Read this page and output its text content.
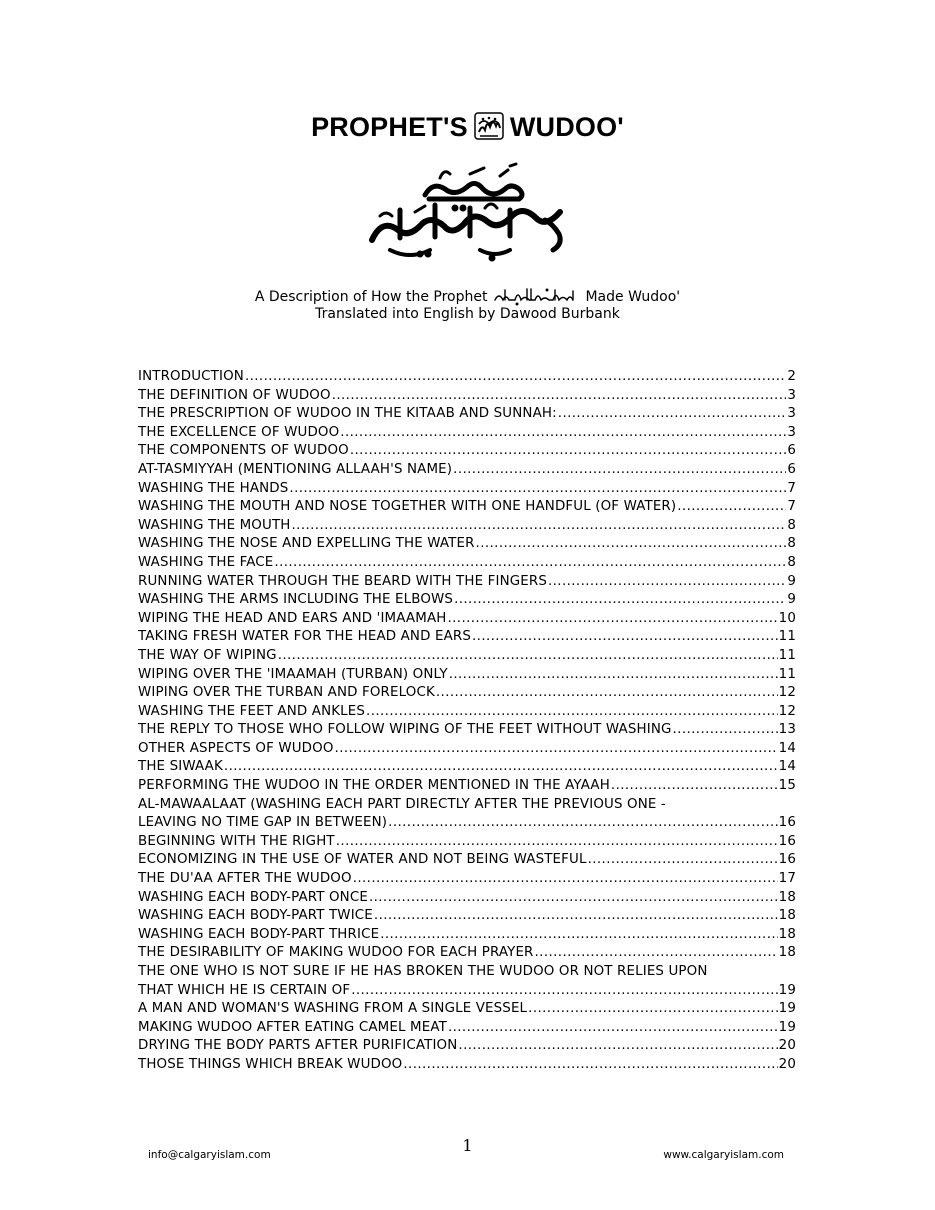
PROPHET'S WUDOO'
A Description of How the Prophet	Made Wudoo'
Translated into English by Dawood Burbank
INTRODUCTION .....	2
THE DEFINITION OF WUDOO .....	3
THE PRESCRIPTION OF WUDOO IN THE KITAAB AND SUNNAH: .....	3
THE EXCELLENCE OF WUDOO .....	3
THE COMPONENTS OF WUDOO .....	6
AT-TASMIYYAH (MENTIONING ALLAAH'S NAME) .....	6
WASHING THE HANDS .....	7
WASHING THE MOUTH AND NOSE TOGETHER WITH ONE HANDFUL (OF WATER) .....	7
WASHING THE MOUTH .....	8
WASHING THE NOSE AND EXPELLING THE WATER .....	8
WASHING THE FACE .....	8
RUNNING WATER THROUGH THE BEARD WITH THE FINGERS .....	9
WASHING THE ARMS INCLUDING THE ELBOWS .....	9
WIPING THE HEAD AND EARS AND 'IMAAMAH .....	10
TAKING FRESH WATER FOR THE HEAD AND EARS .....	11
THE WAY OF WIPING .....	11
WIPING OVER THE 'IMAAMAH (TURBAN) ONLY .....	11
WIPING OVER THE TURBAN AND FORELOCK .....	12
WASHING THE FEET AND ANKLES .....	12
THE REPLY TO THOSE WHO FOLLOW WIPING OF THE FEET WITHOUT WASHING .....	13
OTHER ASPECTS OF WUDOO .....	14
THE SIWAAK .....	14
PERFORMING THE WUDOO IN THE ORDER MENTIONED IN THE AYAAH .....	15
AL-MAWAALAAT (WASHING EACH PART DIRECTLY AFTER THE PREVIOUS ONE -
LEAVING NO TIME GAP IN BETWEEN) .....	16
BEGINNING WITH THE RIGHT .....	16
ECONOMIZING IN THE USE OF WATER AND NOT BEING WASTEFUL .....	16
THE DU'AA AFTER THE WUDOO .....	17
WASHING EACH BODY-PART ONCE .....	18
WASHING EACH BODY-PART TWICE .....	18
WASHING EACH BODY-PART THRICE .....	18
THE DESIRABILITY OF MAKING WUDOO FOR EACH PRAYER .....	18
THE ONE WHO IS NOT SURE IF HE HAS BROKEN THE WUDOO OR NOT RELIES UPON
THAT WHICH HE IS CERTAIN OF .....	19
A MAN AND WOMAN'S WASHING FROM A SINGLE VESSEL .....	19
MAKING WUDOO AFTER EATING CAMEL MEAT .....	19
DRYING THE BODY PARTS AFTER PURIFICATION .....	20
THOSE THINGS WHICH BREAK WUDOO .....	20
1
info@calgaryislam.com	www.calgaryislam.com
